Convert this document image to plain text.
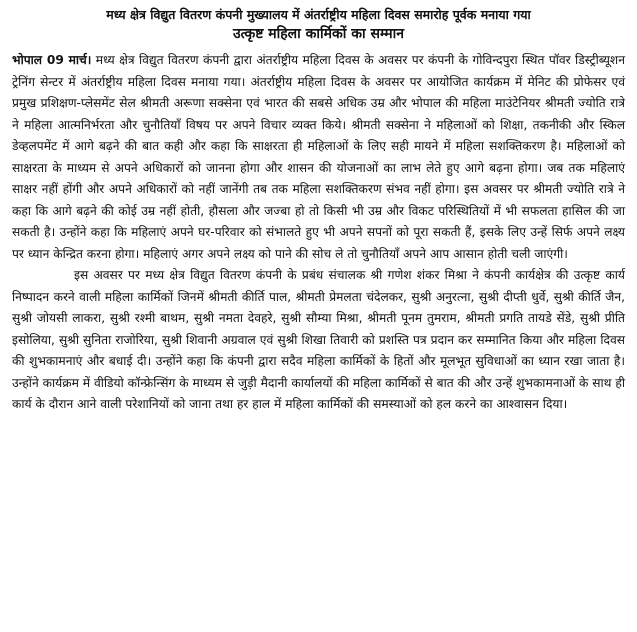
मध्य क्षेत्र विद्युत वितरण कंपनी मुख्यालय में अंतर्राष्ट्रीय महिला दिवस समारोह पूर्वक मनाया गया
उत्कृष्ट महिला कार्मिकों का सम्मान

भोपाल 09 मार्च। मध्य क्षेत्र विद्युत वितरण कंपनी द्वारा अंतर्राष्ट्रीय महिला दिवस के अवसर पर कंपनी के गोविन्दपुरा स्थित पॉवर डिस्ट्रीब्यूशन ट्रेनिंग सेन्टर में अंतर्राष्ट्रीय महिला दिवस मनाया गया। अंतर्राष्ट्रीय महिला दिवस के अवसर पर आयोजित कार्यक्रम में मेनिट की प्रोफेसर एवं प्रमुख प्रशिक्षण-प्लेसमेंट सेल श्रीमती अरूणा सक्सेना एवं भारत की सबसे अधिक उम्र और भोपाल की महिला माउंटेनियर श्रीमती ज्योति रात्रे ने महिला आत्मनिर्भरता और चुनौतियाँ विषय पर अपने विचार व्यक्त किये। श्रीमती सक्सेना ने महिलाओं को शिक्षा, तकनीकी और स्किल डेव्हलपमेंट में आगे बढ़ने की बात कही और कहा कि साक्षरता ही महिलाओं के लिए सही मायने में महिला सशक्तिकरण है। महिलाओं को साक्षरता के माध्यम से अपने अधिकारों को जानना होगा और शासन की योजनाओं का लाभ लेते हुए आगे बढ़ना होगा। जब तक महिलाएं साक्षर नहीं होंगी और अपने अधिकारों को नहीं जानेंगी तब तक महिला सशक्तिकरण संभव नहीं होगा। इस अवसर पर श्रीमती ज्योति रात्रे ने कहा कि आगे बढ़ने की कोई उम्र नहीं होती, हौसला और जज्बा हो तो किसी भी उम्र और विकट परिस्थितियों में भी सफलता हासिल की जा सकती है। उन्होंने कहा कि महिलाएं अपने घर-परिवार को संभालते हुए भी अपने सपनों को पूरा सकती हैं, इसके लिए उन्हें सिर्फ अपने लक्ष्य पर ध्यान केन्द्रित करना होगा। महिलाएं अगर अपने लक्ष्य को पाने की सोच ले तो चुनौतियाँ अपने आप आसान होती चली जाएंगी।

इस अवसर पर मध्य क्षेत्र विद्युत वितरण कंपनी के प्रबंध संचालक श्री गणेश शंकर मिश्रा ने कंपनी कार्यक्षेत्र की उत्कृष्ट कार्य निष्पादन करने वाली महिला कार्मिकों जिनमें श्रीमती कीर्ति पाल, श्रीमती प्रेमलता चंदेलकर, सुश्री अनुरत्ना, सुश्री दीप्ती धुर्वे, सुश्री कीर्ति जैन, सुश्री जोयसी लाकरा, सुश्री रश्मी बाथम, सुश्री नमता देवहरे, सुश्री सौम्या मिश्रा, श्रीमती पूनम तुमराम, श्रीमती प्रगति तायडे सेंडे, सुश्री प्रीति इसोलिया, सुश्री सुनिता राजोरिया, सुश्री शिवानी अग्रवाल एवं सुश्री शिखा तिवारी को प्रशस्ति पत्र प्रदान कर सम्मानित किया और महिला दिवस की शुभकामनाएं और बधाई दी। उन्होंने कहा कि कंपनी द्वारा सदैव महिला कार्मिकों के हितों और मूलभूत सुविधाओं का ध्यान रखा जाता है। उन्होंने कार्यक्रम में वीडियो कॉन्फ्रेन्सिंग के माध्यम से जुड़ी मैदानी कार्यालयों की महिला कार्मिकों से बात की और उन्हें शुभकामनाओं के साथ ही कार्य के दौरान आने वाली परेशानियों को जाना तथा हर हाल में महिला कार्मिकों की समस्याओं को हल करने का आश्वासन दिया।
